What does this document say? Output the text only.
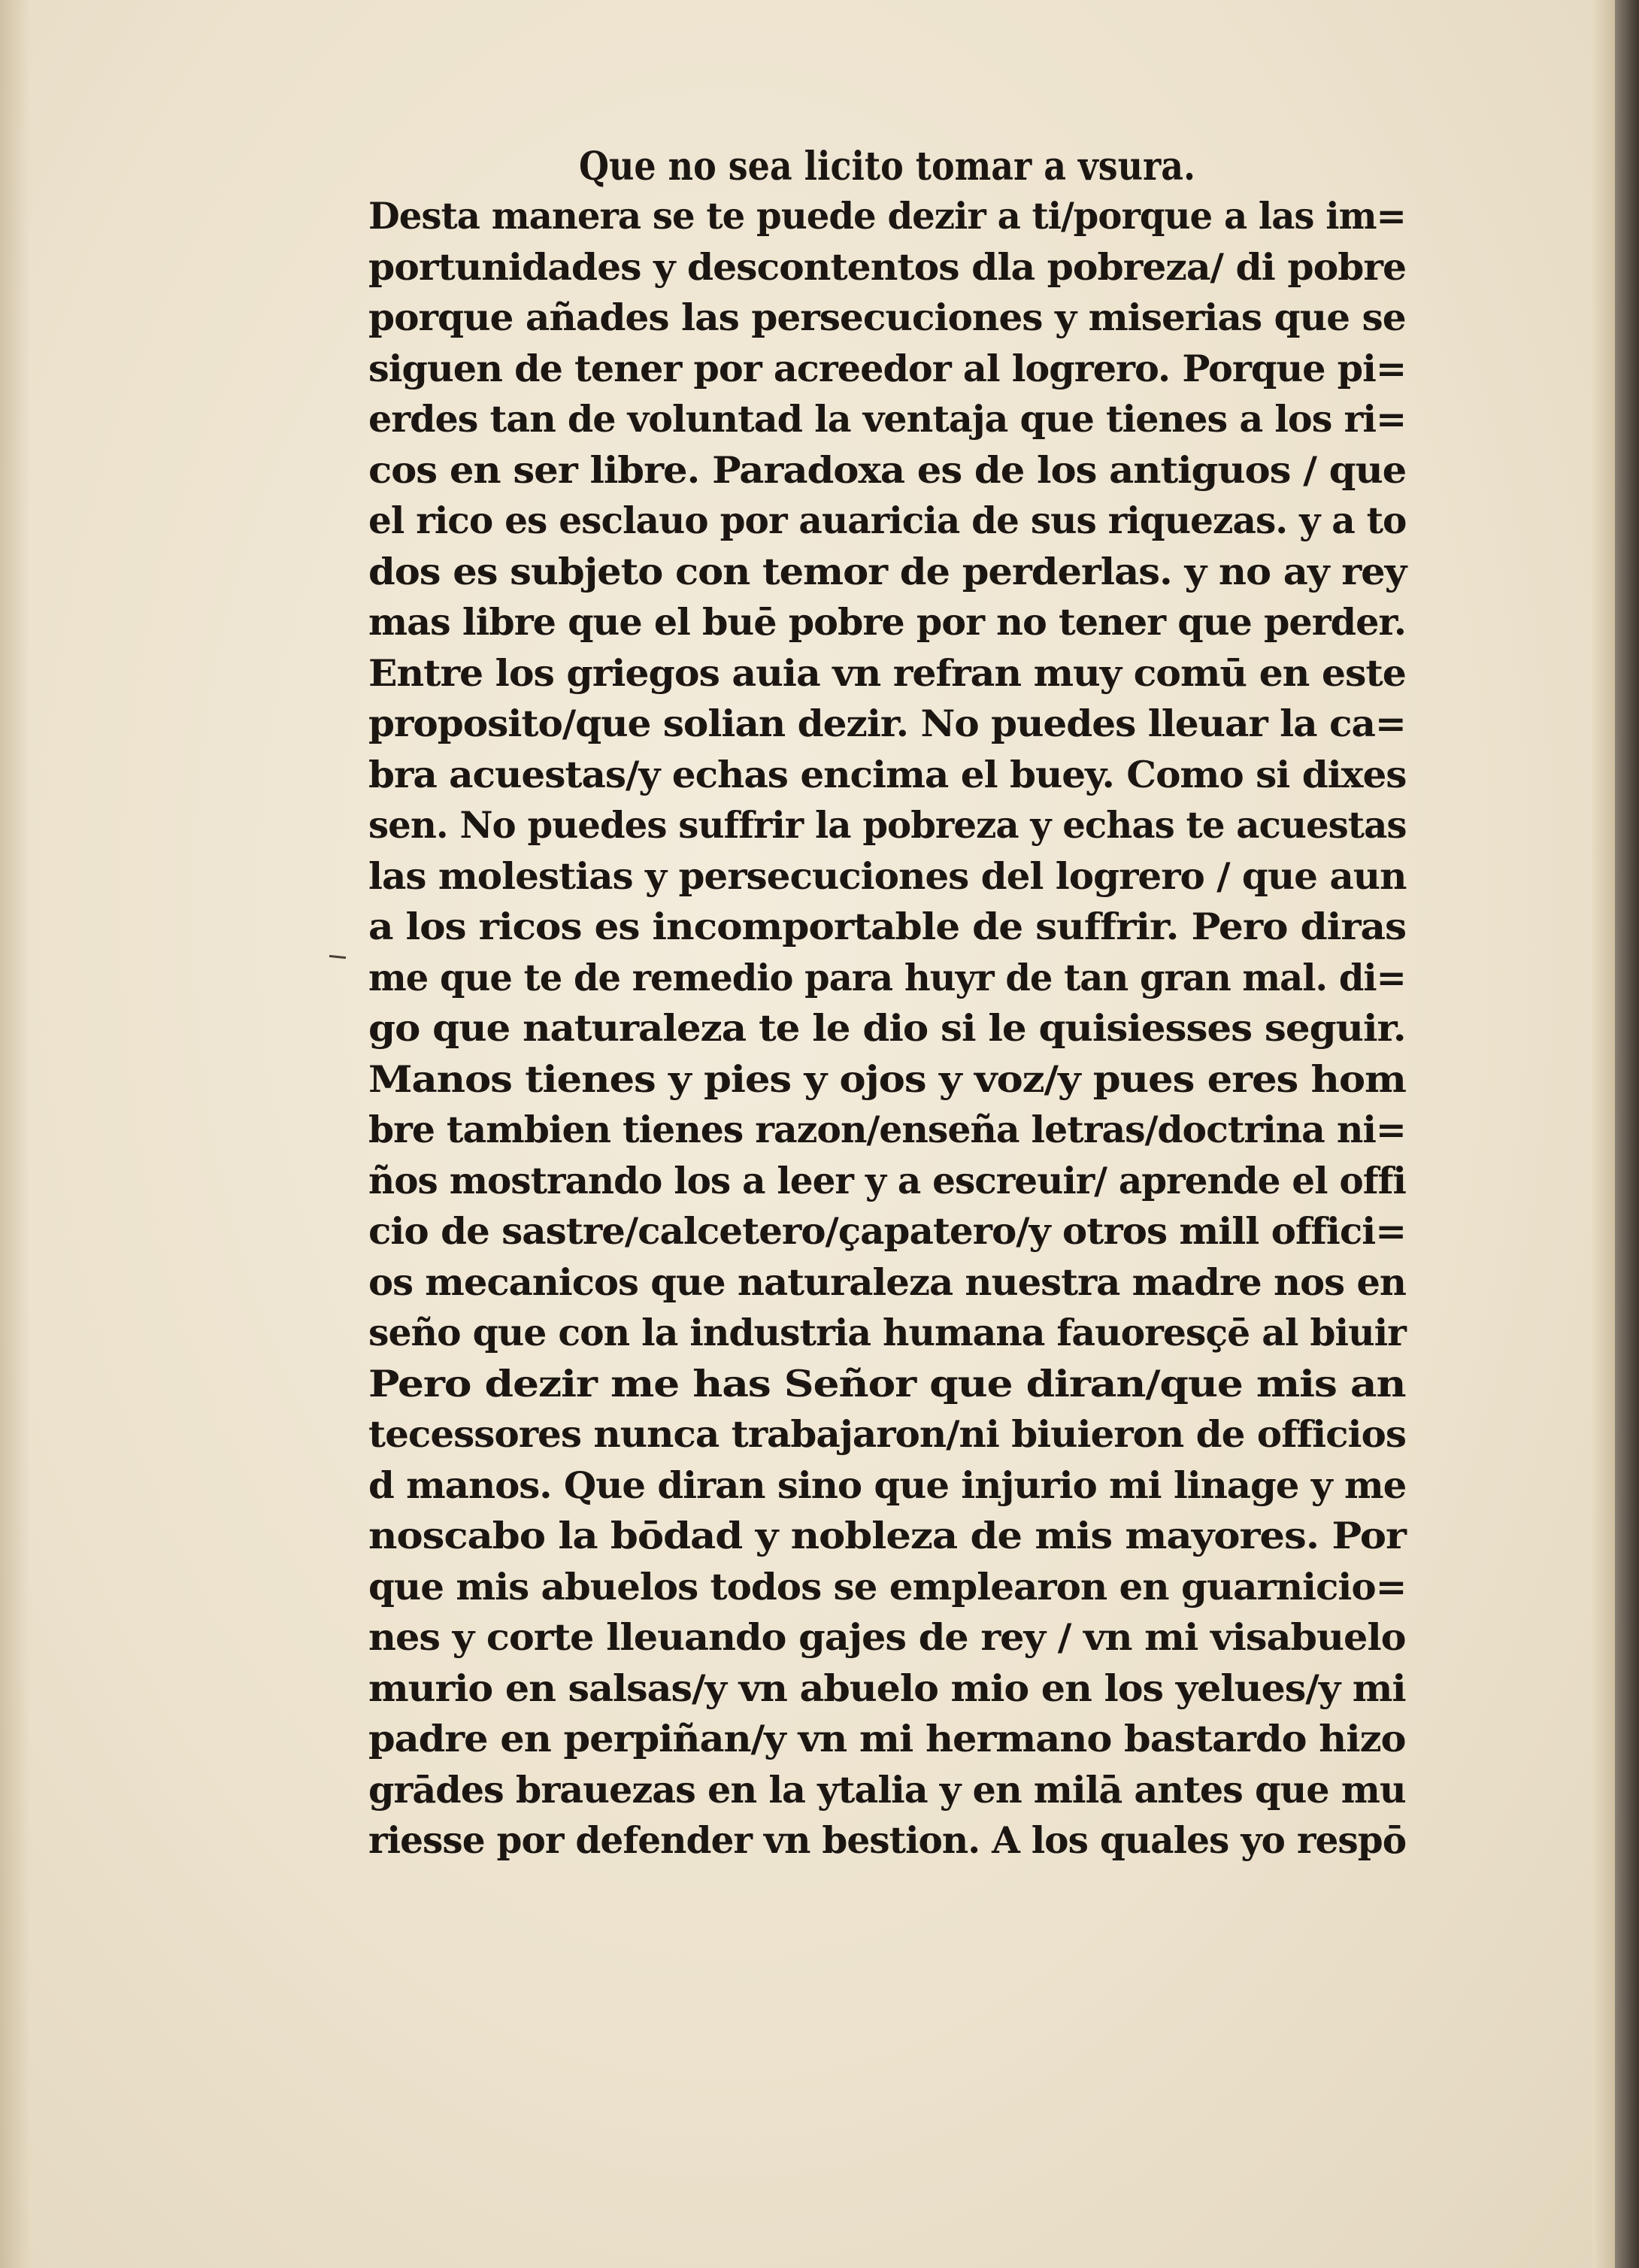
Que no sea licito tomar a vsura.
Desta manera se te puede dezir a ti/porque a las im=
portunidades y descontentos dla pobreza/ di pobre
porque añades las persecuciones y miserias que se
siguen de tener por acreedor al logrero. Porque pi=
erdes tan de voluntad la ventaja que tienes a los ri=
cos en ser libre. Paradoxa es de los antiguos / que
el rico es esclauo por auaricia de sus riquezas. y a to
dos es subjeto con temor de perderlas. y no ay rey
mas libre que el buē pobre por no tener que perder.
Entre los griegos auia vn refran muy comū en este
proposito/que solian dezir. No puedes lleuar la ca=
bra acuestas/y echas encima el buey. Como si dixes
sen. No puedes suffrir la pobreza y echas te acuestas
las molestias y persecuciones del logrero / que aun
a los ricos es incomportable de suffrir. Pero diras
me que te de remedio para huyr de tan gran mal. di=
go que naturaleza te le dio si le quisiesses seguir.
Manos tienes y pies y ojos y voz/y pues eres hom
bre tambien tienes razon/enseña letras/doctrina ni=
ños mostrando los a leer y a escreuir/ aprende el offi
cio de sastre/calcetero/çapatero/y otros mill offici=
os mecanicos que naturaleza nuestra madre nos en
seño que con la industria humana fauoresçē al biuir
Pero dezir me has Señor que diran/que mis an
tecessores nunca trabajaron/ni biuieron de officios
d manos. Que diran sino que injurio mi linage y me
noscabo la bōdad y nobleza de mis mayores. Por
que mis abuelos todos se emplearon en guarnicio=
nes y corte lleuando gajes de rey / vn mi visabuelo
murio en salsas/y vn abuelo mio en los yelues/y mi
padre en perpiñan/y vn mi hermano bastardo hizo
grādes brauezas en la ytalia y en milā antes que mu
riesse por defender vn bestion. A los quales yo respō
